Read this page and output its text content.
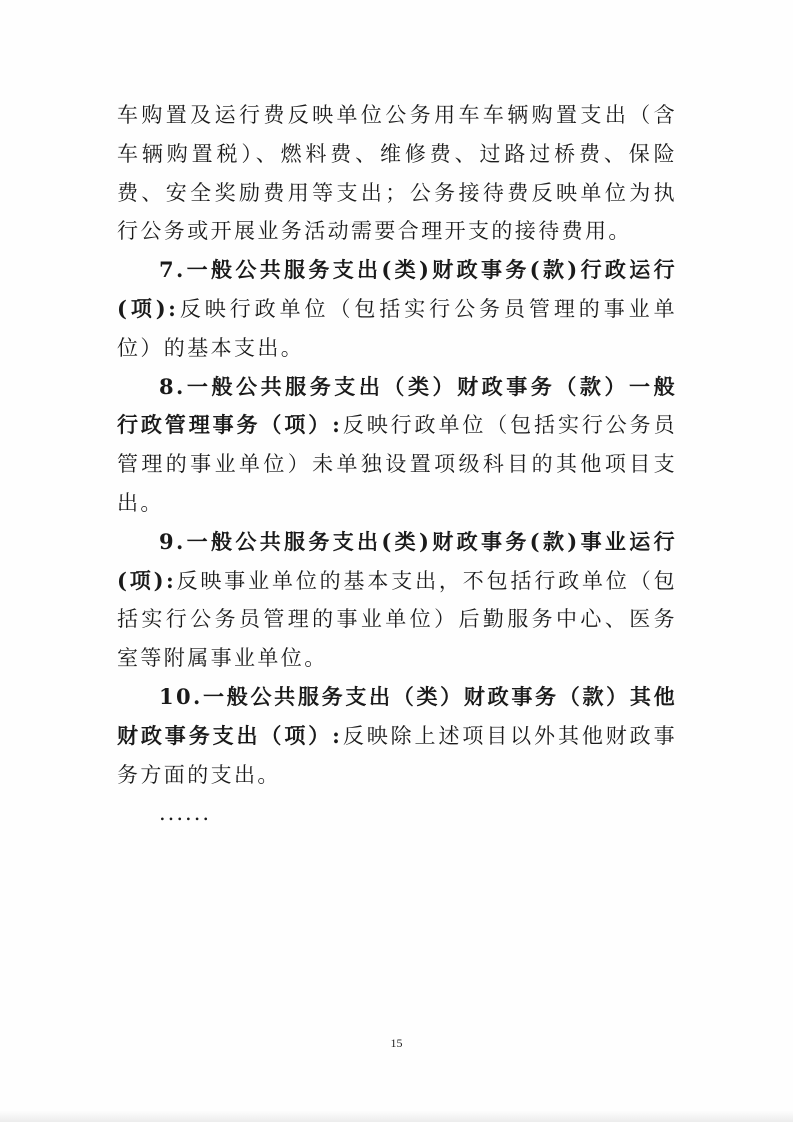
车购置及运行费反映单位公务用车车辆购置支出（含车辆购置税）、燃料费、维修费、过路过桥费、保险费、安全奖励费用等支出；公务接待费反映单位为执行公务或开展业务活动需要合理开支的接待费用。

7.一般公共服务支出(类)财政事务(款)行政运行(项):反映行政单位（包括实行公务员管理的事业单位）的基本支出。

8.一般公共服务支出（类）财政事务（款）一般行政管理事务（项）:反映行政单位（包括实行公务员管理的事业单位）未单独设置项级科目的其他项目支出。

9.一般公共服务支出(类)财政事务(款)事业运行(项):反映事业单位的基本支出，不包括行政单位（包括实行公务员管理的事业单位）后勤服务中心、医务室等附属事业单位。

10.一般公共服务支出（类）财政事务（款）其他财政事务支出（项）:反映除上述项目以外其他财政事务方面的支出。

......

15
